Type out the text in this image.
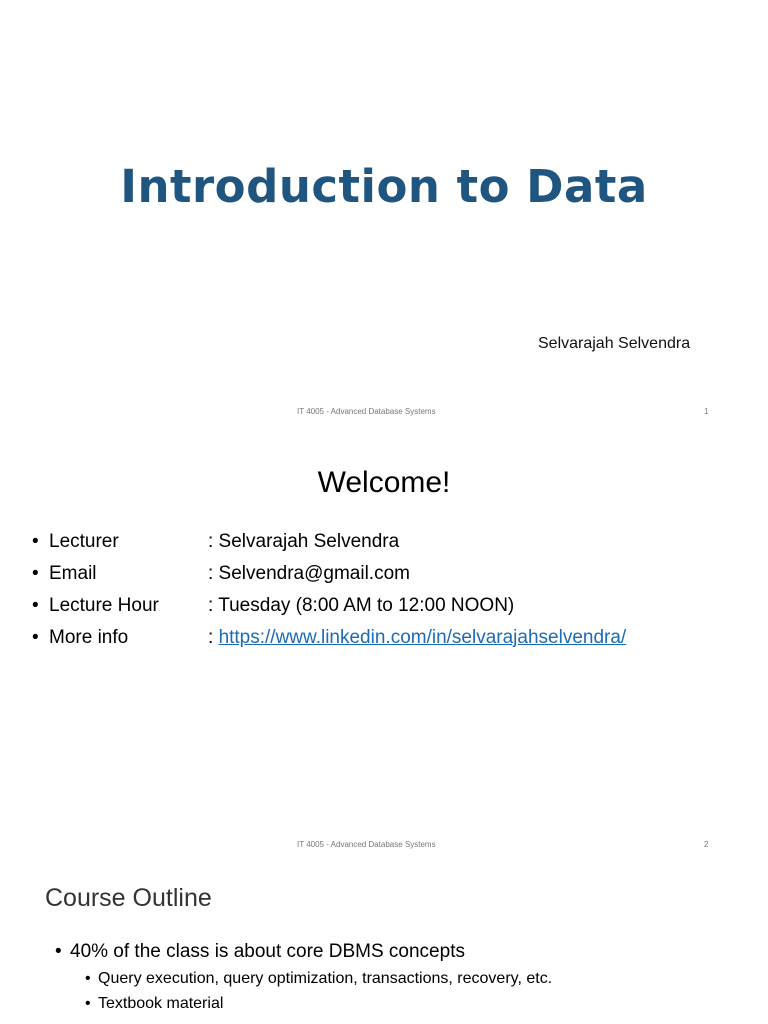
Introduction to Data
Selvarajah Selvendra
IT 4005 - Advanced Database Systems	1
Welcome!
• Lecturer	: Selvarajah Selvendra
• Email	: Selvendra@gmail.com
• Lecture Hour	: Tuesday (8:00 AM to 12:00 NOON)
• More info	: https://www.linkedin.com/in/selvarajahselvendra/
IT 4005 - Advanced Database Systems	2
Course Outline
• 40% of the class is about core DBMS concepts
• Query execution, query optimization, transactions, recovery, etc.
• Textbook material
